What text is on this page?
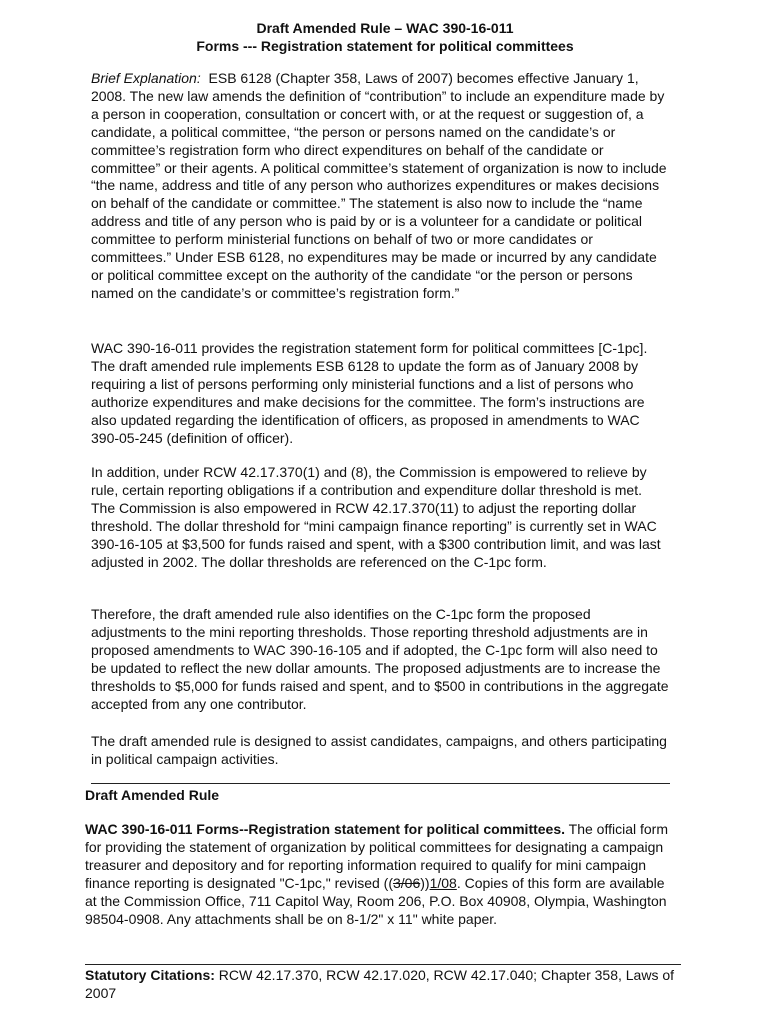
Draft Amended Rule – WAC 390-16-011
Forms --- Registration statement for political committees

Brief Explanation: ESB 6128 (Chapter 358, Laws of 2007) becomes effective January 1, 2008. The new law amends the definition of “contribution” to include an expenditure made by a person in cooperation, consultation or concert with, or at the request or suggestion of, a candidate, a political committee, “the person or persons named on the candidate’s or committee’s registration form who direct expenditures on behalf of the candidate or committee” or their agents. A political committee’s statement of organization is now to include “the name, address and title of any person who authorizes expenditures or makes decisions on behalf of the candidate or committee.” The statement is also now to include the “name address and title of any person who is paid by or is a volunteer for a candidate or political committee to perform ministerial functions on behalf of two or more candidates or committees.” Under ESB 6128, no expenditures may be made or incurred by any candidate or political committee except on the authority of the candidate “or the person or persons named on the candidate’s or committee’s registration form.”

WAC 390-16-011 provides the registration statement form for political committees [C-1pc]. The draft amended rule implements ESB 6128 to update the form as of January 2008 by requiring a list of persons performing only ministerial functions and a list of persons who authorize expenditures and make decisions for the committee. The form’s instructions are also updated regarding the identification of officers, as proposed in amendments to WAC 390-05-245 (definition of officer).

In addition, under RCW 42.17.370(1) and (8), the Commission is empowered to relieve by rule, certain reporting obligations if a contribution and expenditure dollar threshold is met. The Commission is also empowered in RCW 42.17.370(11) to adjust the reporting dollar threshold. The dollar threshold for “mini campaign finance reporting” is currently set in WAC 390-16-105 at $3,500 for funds raised and spent, with a $300 contribution limit, and was last adjusted in 2002. The dollar thresholds are referenced on the C-1pc form.

Therefore, the draft amended rule also identifies on the C-1pc form the proposed adjustments to the mini reporting thresholds. Those reporting threshold adjustments are in proposed amendments to WAC 390-16-105 and if adopted, the C-1pc form will also need to be updated to reflect the new dollar amounts. The proposed adjustments are to increase the thresholds to $5,000 for funds raised and spent, and to $500 in contributions in the aggregate accepted from any one contributor.

The draft amended rule is designed to assist candidates, campaigns, and others participating in political campaign activities.

Draft Amended Rule

WAC 390-16-011 Forms--Registration statement for political committees. The official form for providing the statement of organization by political committees for designating a campaign treasurer and depository and for reporting information required to qualify for mini campaign finance reporting is designated "C-1pc," revised ((3/06))1/08. Copies of this form are available at the Commission Office, 711 Capitol Way, Room 206, P.O. Box 40908, Olympia, Washington 98504-0908. Any attachments shall be on 8-1/2" x 11" white paper.

Statutory Citations: RCW 42.17.370, RCW 42.17.020, RCW 42.17.040; Chapter 358, Laws of 2007
